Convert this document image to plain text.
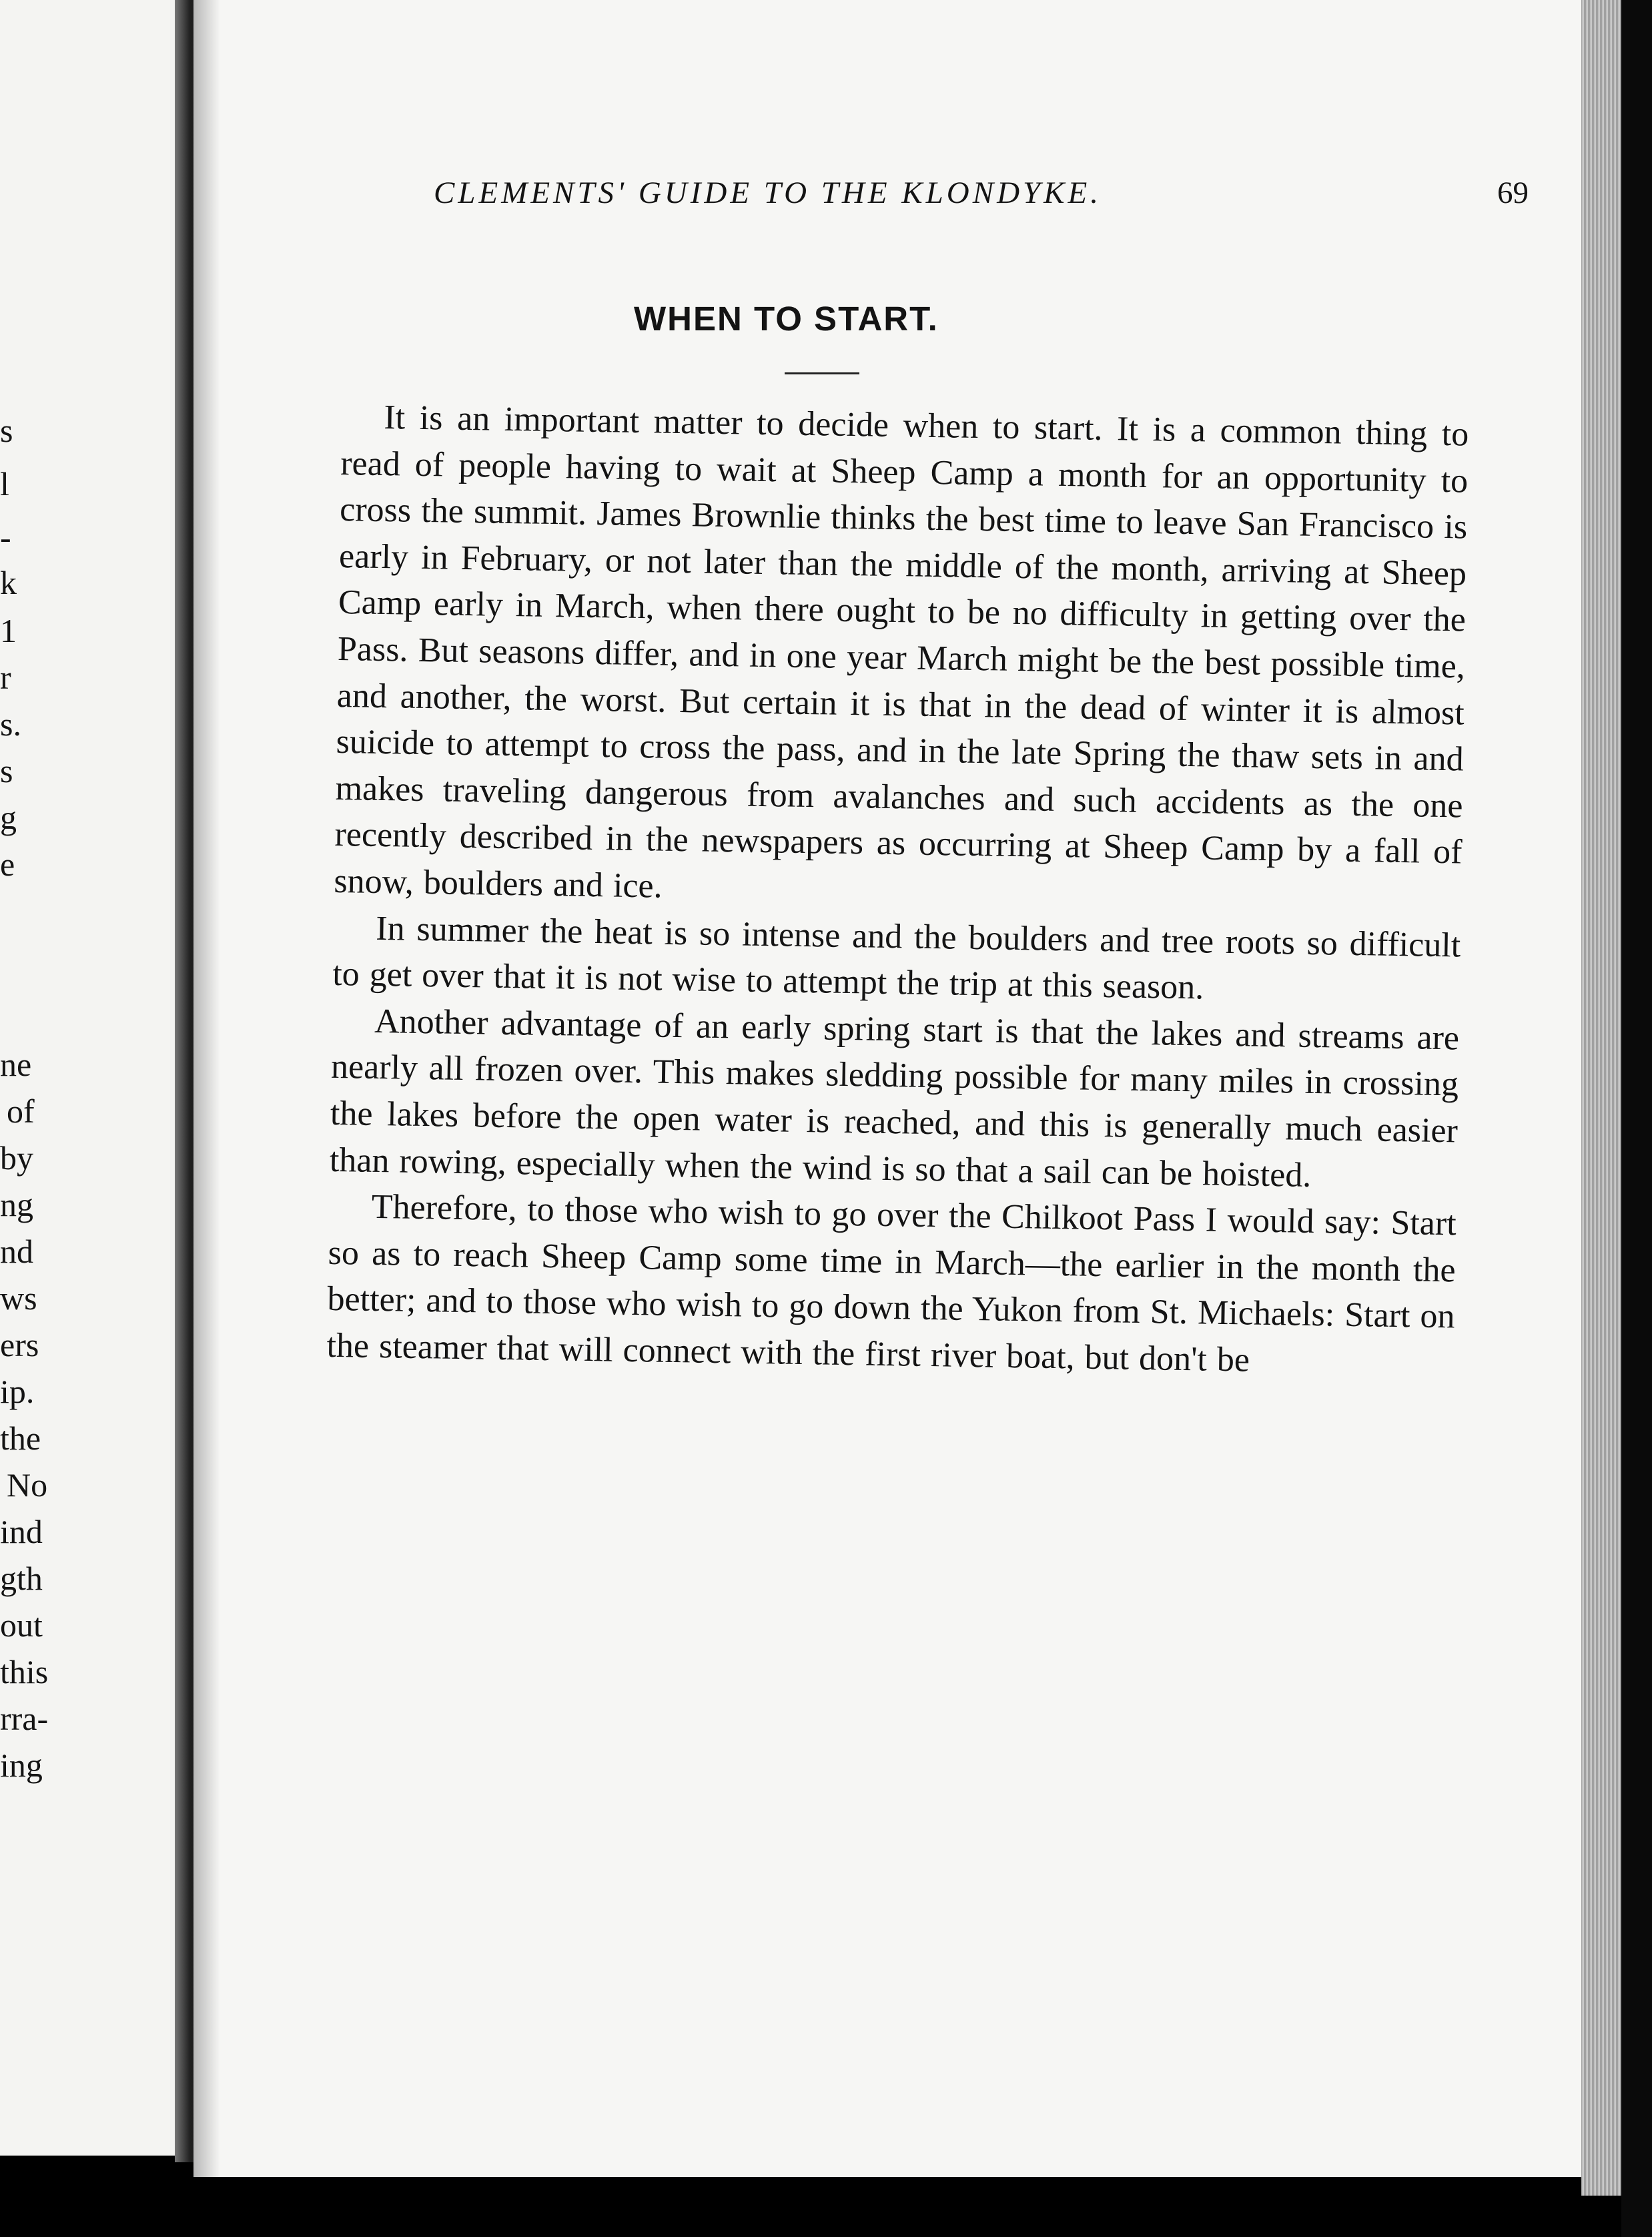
s
l
-
k
1
r
s.
s
g
e
ne
of
by
ng
nd
ws
ers
ip.
the
No
ind
gth
out
this
rra-
ing
CLEMENTS' GUIDE TO THE KLONDYKE.	69
WHEN TO START.

It is an important matter to decide when to start. It is a common thing to read of people having to wait at Sheep Camp a month for an opportunity to cross the summit. James Brownlie thinks the best time to leave San Francisco is early in February, or not later than the middle of the month, arriving at Sheep Camp early in March, when there ought to be no difficulty in getting over the Pass. But seasons differ, and in one year March might be the best possible time, and another, the worst. But certain it is that in the dead of winter it is almost suicide to attempt to cross the pass, and in the late Spring the thaw sets in and makes traveling dangerous from avalanches and such accidents as the one recently described in the newspapers as occurring at Sheep Camp by a fall of snow, boulders and ice.

In summer the heat is so intense and the boulders and tree roots so difficult to get over that it is not wise to attempt the trip at this season.

Another advantage of an early spring start is that the lakes and streams are nearly all frozen over. This makes sledding possible for many miles in crossing the lakes before the open water is reached, and this is generally much easier than rowing, especially when the wind is so that a sail can be hoisted.

Therefore, to those who wish to go over the Chilkoot Pass I would say: Start so as to reach Sheep Camp some time in March—the earlier in the month the better; and to those who wish to go down the Yukon from St. Michaels: Start on the steamer that will connect with the first river boat, but don't be
